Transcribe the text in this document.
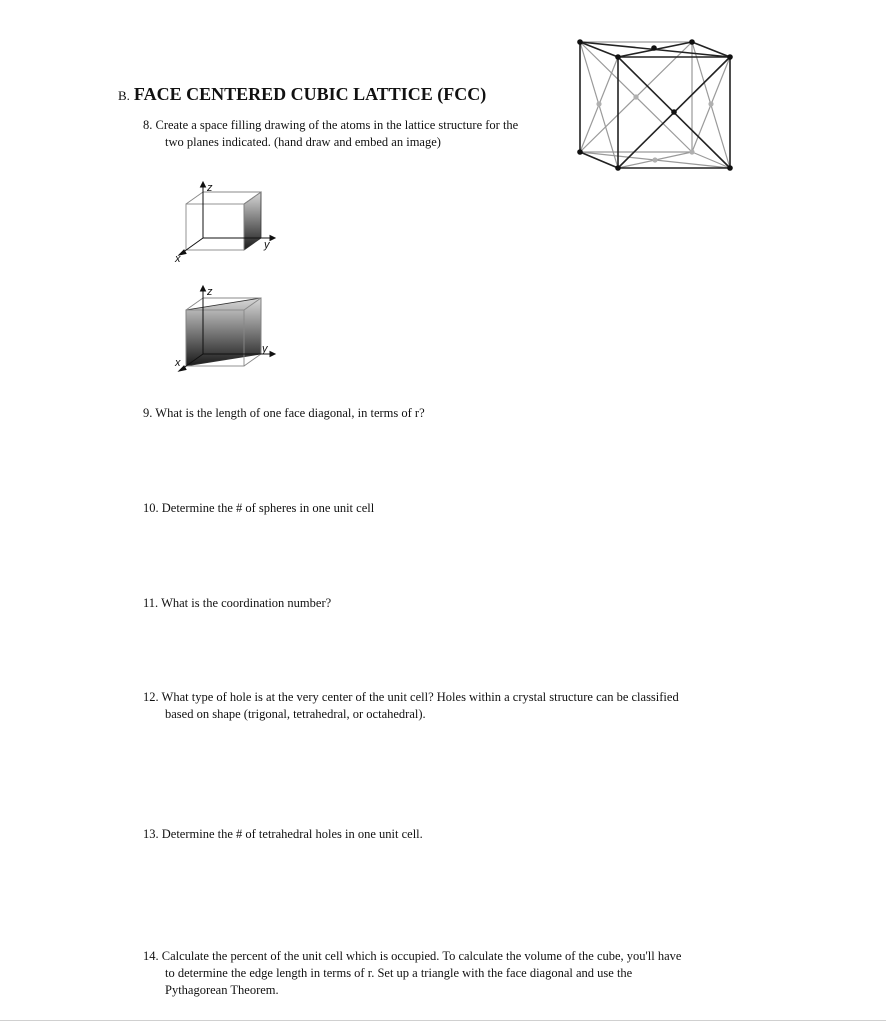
B. FACE CENTERED CUBIC LATTICE (FCC)
8. Create a space filling drawing of the atoms in the lattice structure for the
two planes indicated. (hand draw and embed an image)
z
x
y
z
x
y
9. What is the length of one face diagonal, in terms of r?
10. Determine the # of spheres in one unit cell
11. What is the coordination number?
12. What type of hole is at the very center of the unit cell? Holes within a crystal structure can be classified
based on shape (trigonal, tetrahedral, or octahedral).
13. Determine the # of tetrahedral holes in one unit cell.
14. Calculate the percent of the unit cell which is occupied. To calculate the volume of the cube, you'll have
to determine the edge length in terms of r. Set up a triangle with the face diagonal and use the
Pythagorean Theorem.
